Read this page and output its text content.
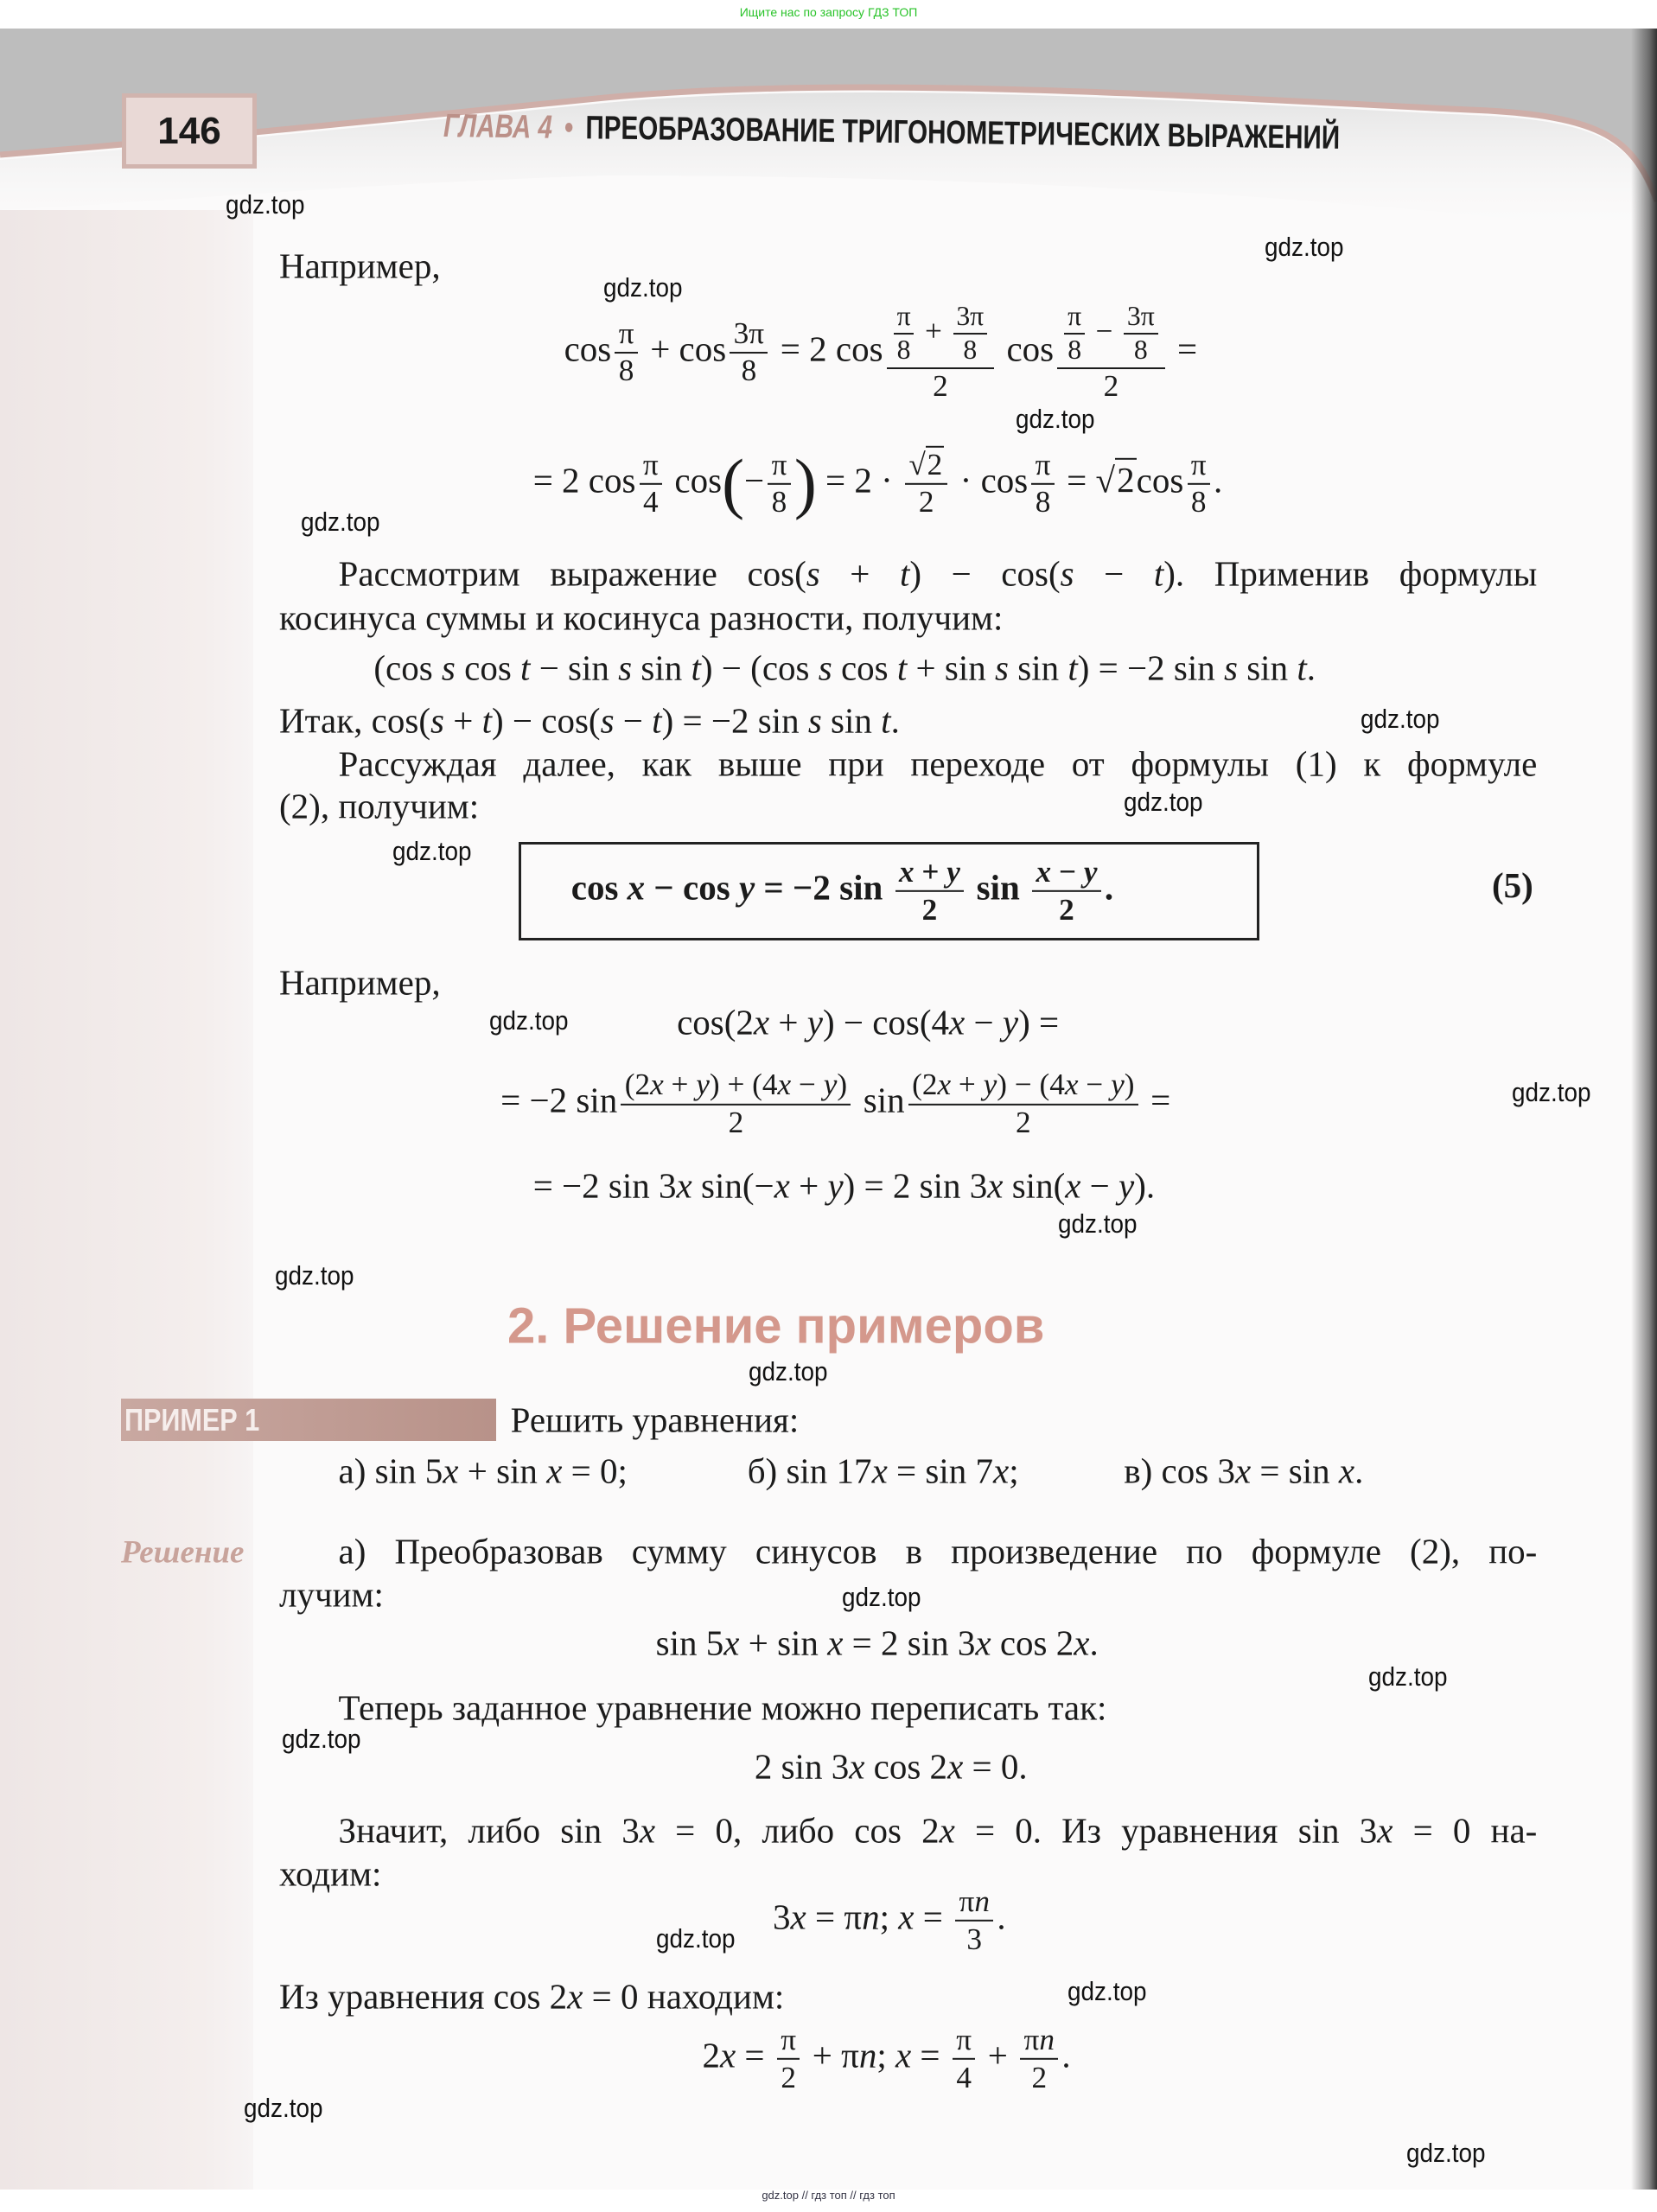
Ищите нас по запросу ГДЗ ТОП
146	ГЛАВА 4 • ПРЕОБРАЗОВАНИЕ ТРИГОНОМЕТРИЧЕСКИХ ВЫРАЖЕНИЙ
(5)
2. Решение примеров
ПРИМЕР 1
Решение
Например,
$\cos \frac{\pi}{8} + \cos \frac{3\pi}{8} = 2$ $\cos \frac{\frac{\pi}{8} + \frac{3\pi}{8}}{2}$ $\cos \frac{\frac{\pi}{8} - \frac{3\pi}{8}}{2}$ =
= 2 $\cos \frac{\pi}{4} \cos(- \frac{\pi}{8}$ ) = $2 \cdot \frac{√2}{2} \cdot \cos \frac{\pi}{8} = √2\cos \frac{\pi}{8}$ .
Рассмотрим выражение cos(s + t) − cos(s − t). Применив формулы
косинуса суммы и косинуса разности, получим:
(cos s cos t − sin s sin t) − (cos s cos t + sin s sin t) = −2 sin s sin t.
Итак, cos(s + t) − cos(s − t) = −2 sin s sin t.
Рассуждая далее, как выше при переходе от формулы (1) к формуле
(2), получим:
cos x − cos y = −2 $\sin \frac{x + y}{2}$ $\sin \frac{x - y}{2}$ .
Например,
cos(2x + y) − cos(4x − y) =
= −2 $\sin \frac{(2x + y) + (4x - y)}{2}$ $\sin \frac{(2x + y) - (4x - y)}{2}$ =
= −2 sin 3x sin(−x + y) = 2 sin 3x sin(x − y).
Решить уравнения:
а) sin 5x + sin x = 0;	б) sin 17x = sin 7x;	в) cos 3x = sin x.
а) Преобразовав сумму синусов в произведение по формуле (2), по-
лучим:
sin 5x + sin x = 2 sin 3x cos 2x.
Теперь заданное уравнение можно переписать так:
2 sin 3x cos 2x = 0.
Значит, либо sin 3x = 0, либо cos 2x = 0. Из уравнения sin 3x = 0 на-
ходим:
3x = πn; $x = \frac{\pi n}{3}$ .
Из уравнения cos 2x = 0 находим:
$2x = \frac{\pi}{2} + \pi n$; $x = \frac{\pi}{4} + \frac{\pi n}{2}$ .
gdz.top
gdz.top
gdz.top
gdz.top
gdz.top
gdz.top
gdz.top
gdz.top
gdz.top
gdz.top
gdz.top
gdz.top
gdz.top
gdz.top
gdz.top
gdz.top
gdz.top
gdz.top
gdz.top
gdz.top
gdz.top // гдз топ // гдз топ
